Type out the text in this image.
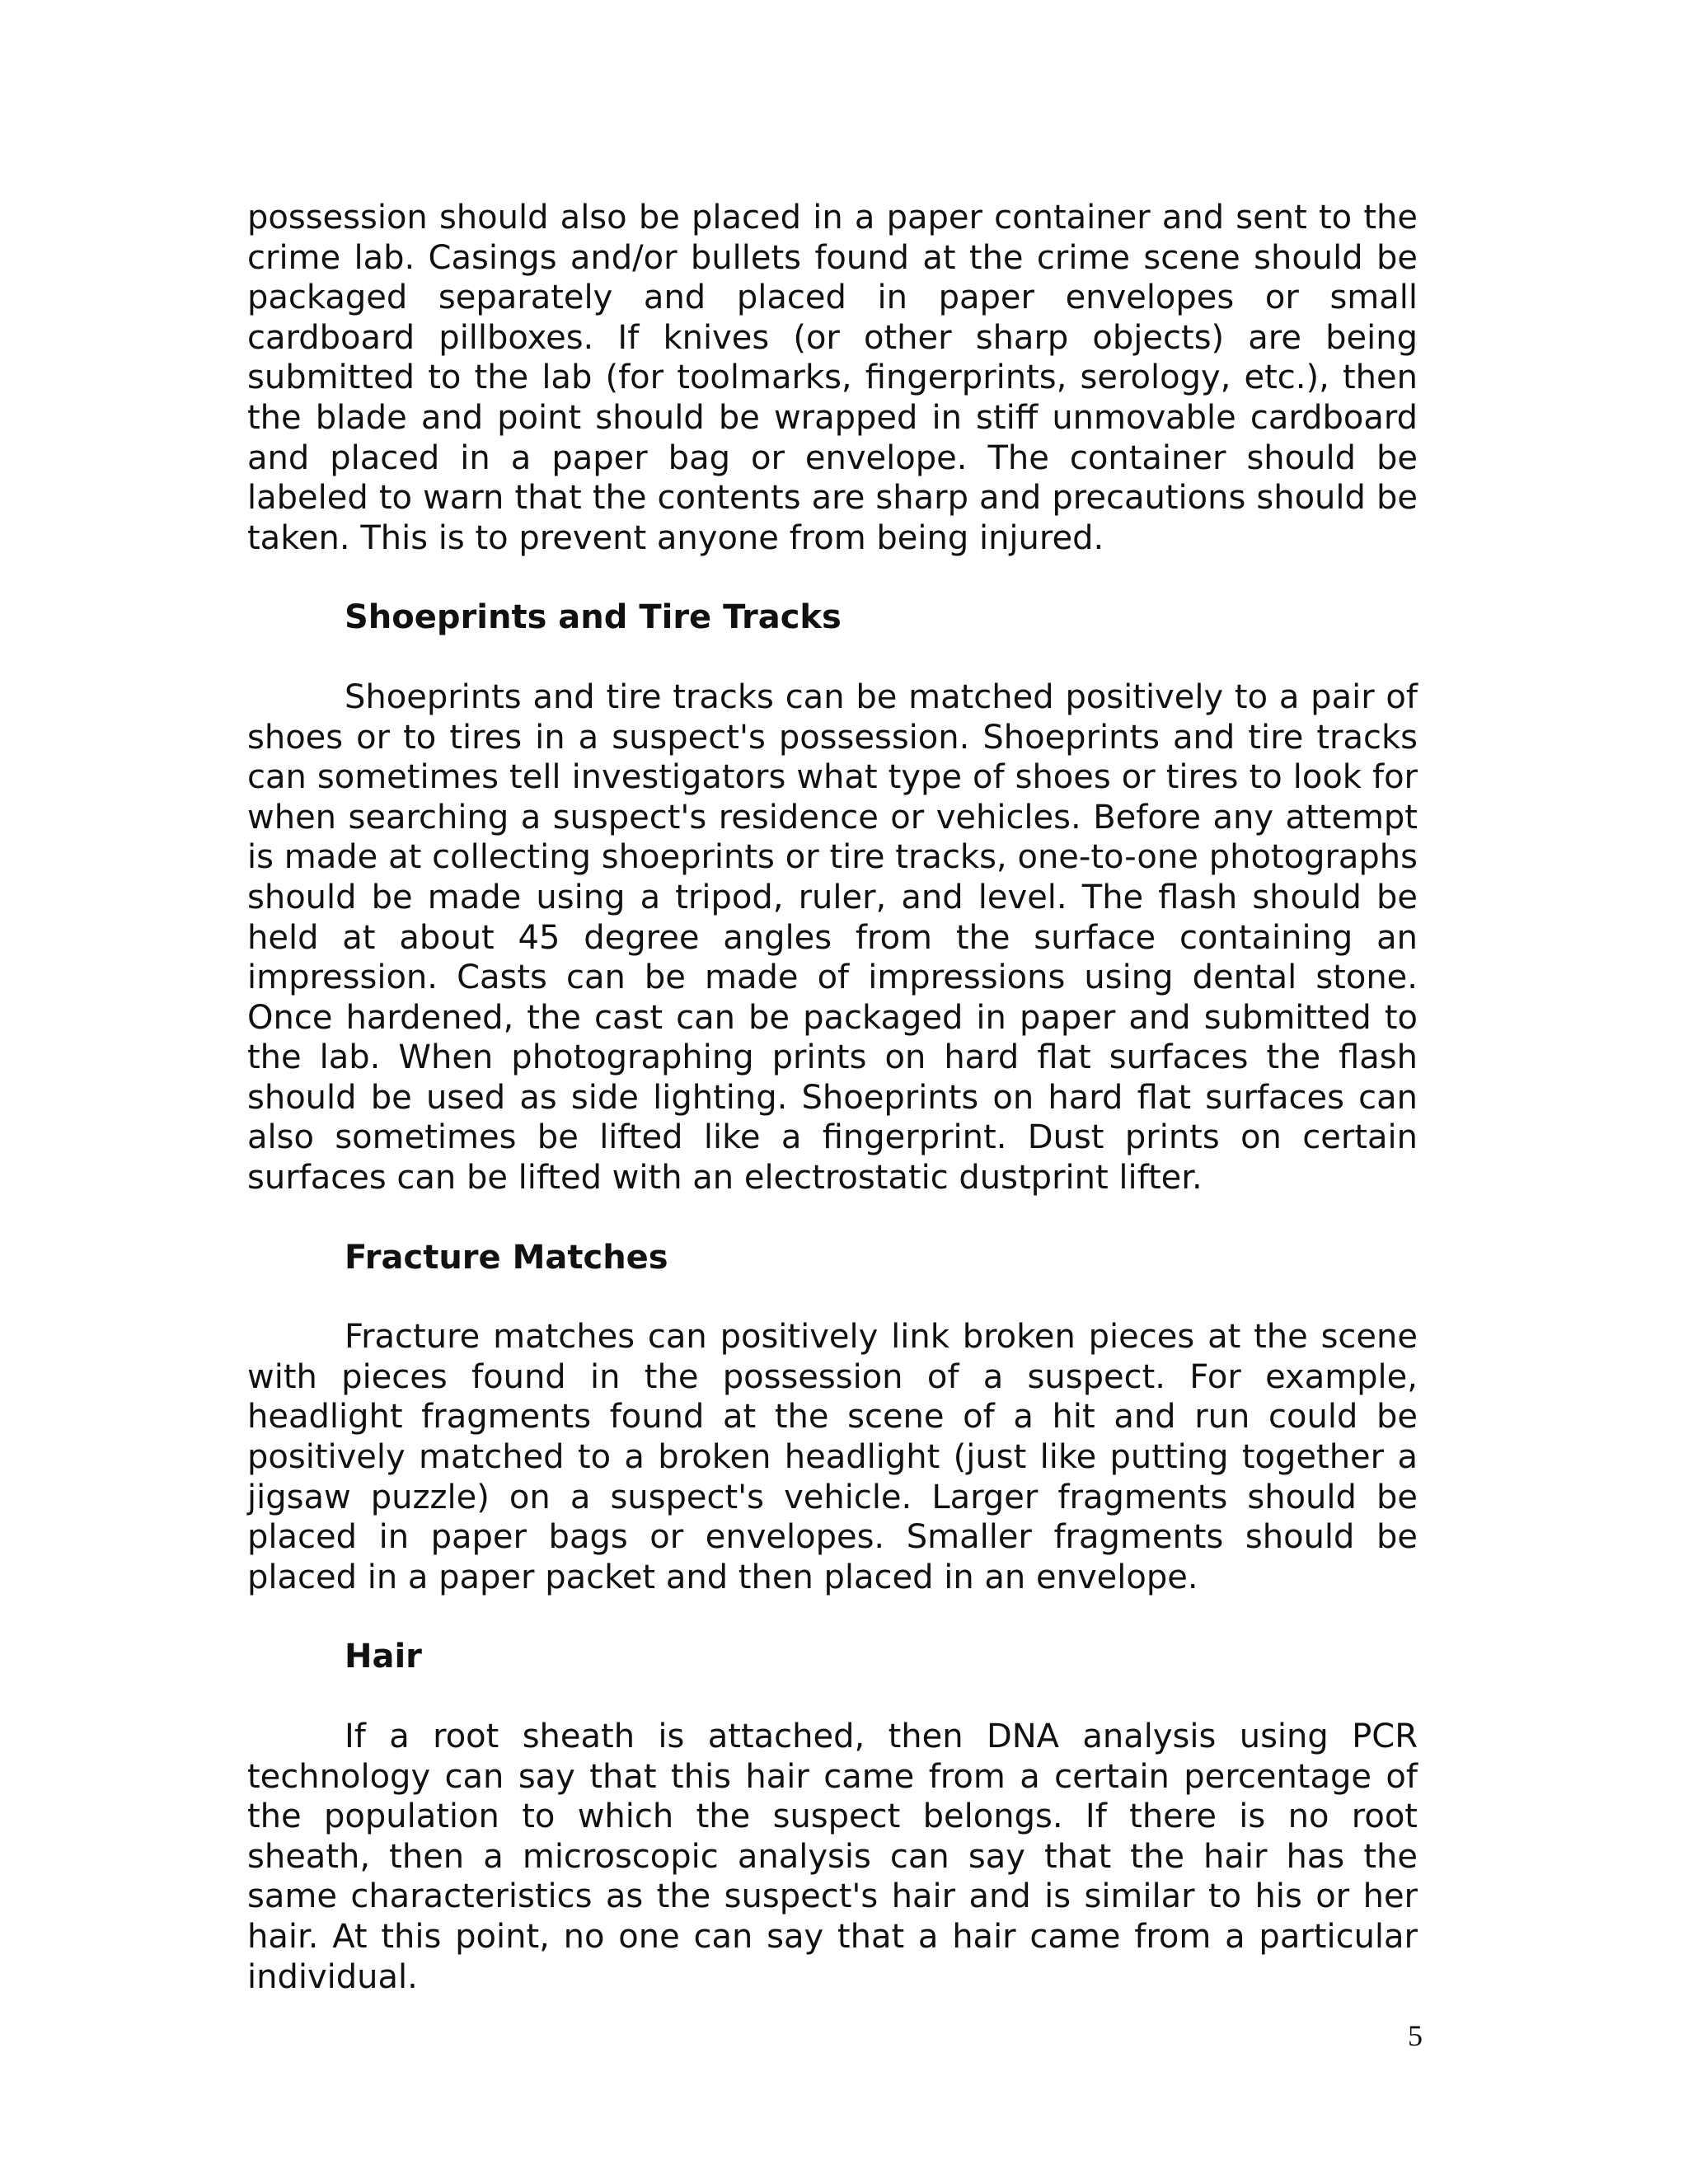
possession should also be placed in a paper container and sent to the crime lab. Casings and/or bullets found at the crime scene should be packaged separately and placed in paper envelopes or small cardboard pillboxes. If knives (or other sharp objects) are being submitted to the lab (for toolmarks, fingerprints, serology, etc.), then the blade and point should be wrapped in stiff unmovable cardboard and placed in a paper bag or envelope. The container should be labeled to warn that the contents are sharp and precautions should be taken. This is to prevent anyone from being injured.

Shoeprints and Tire Tracks

Shoeprints and tire tracks can be matched positively to a pair of shoes or to tires in a suspect's possession. Shoeprints and tire tracks can sometimes tell investigators what type of shoes or tires to look for when searching a suspect's residence or vehicles. Before any attempt is made at collecting shoeprints or tire tracks, one-to-one photographs should be made using a tripod, ruler, and level. The flash should be held at about 45 degree angles from the surface containing an impression. Casts can be made of impressions using dental stone. Once hardened, the cast can be packaged in paper and submitted to the lab. When photographing prints on hard flat surfaces the flash should be used as side lighting. Shoeprints on hard flat surfaces can also sometimes be lifted like a fingerprint. Dust prints on certain surfaces can be lifted with an electrostatic dustprint lifter.

Fracture Matches

Fracture matches can positively link broken pieces at the scene with pieces found in the possession of a suspect. For example, headlight fragments found at the scene of a hit and run could be positively matched to a broken headlight (just like putting together a jigsaw puzzle) on a suspect's vehicle. Larger fragments should be placed in paper bags or envelopes. Smaller fragments should be placed in a paper packet and then placed in an envelope.

Hair

If a root sheath is attached, then DNA analysis using PCR technology can say that this hair came from a certain percentage of the population to which the suspect belongs. If there is no root sheath, then a microscopic analysis can say that the hair has the same characteristics as the suspect's hair and is similar to his or her hair. At this point, no one can say that a hair came from a particular individual.

5
